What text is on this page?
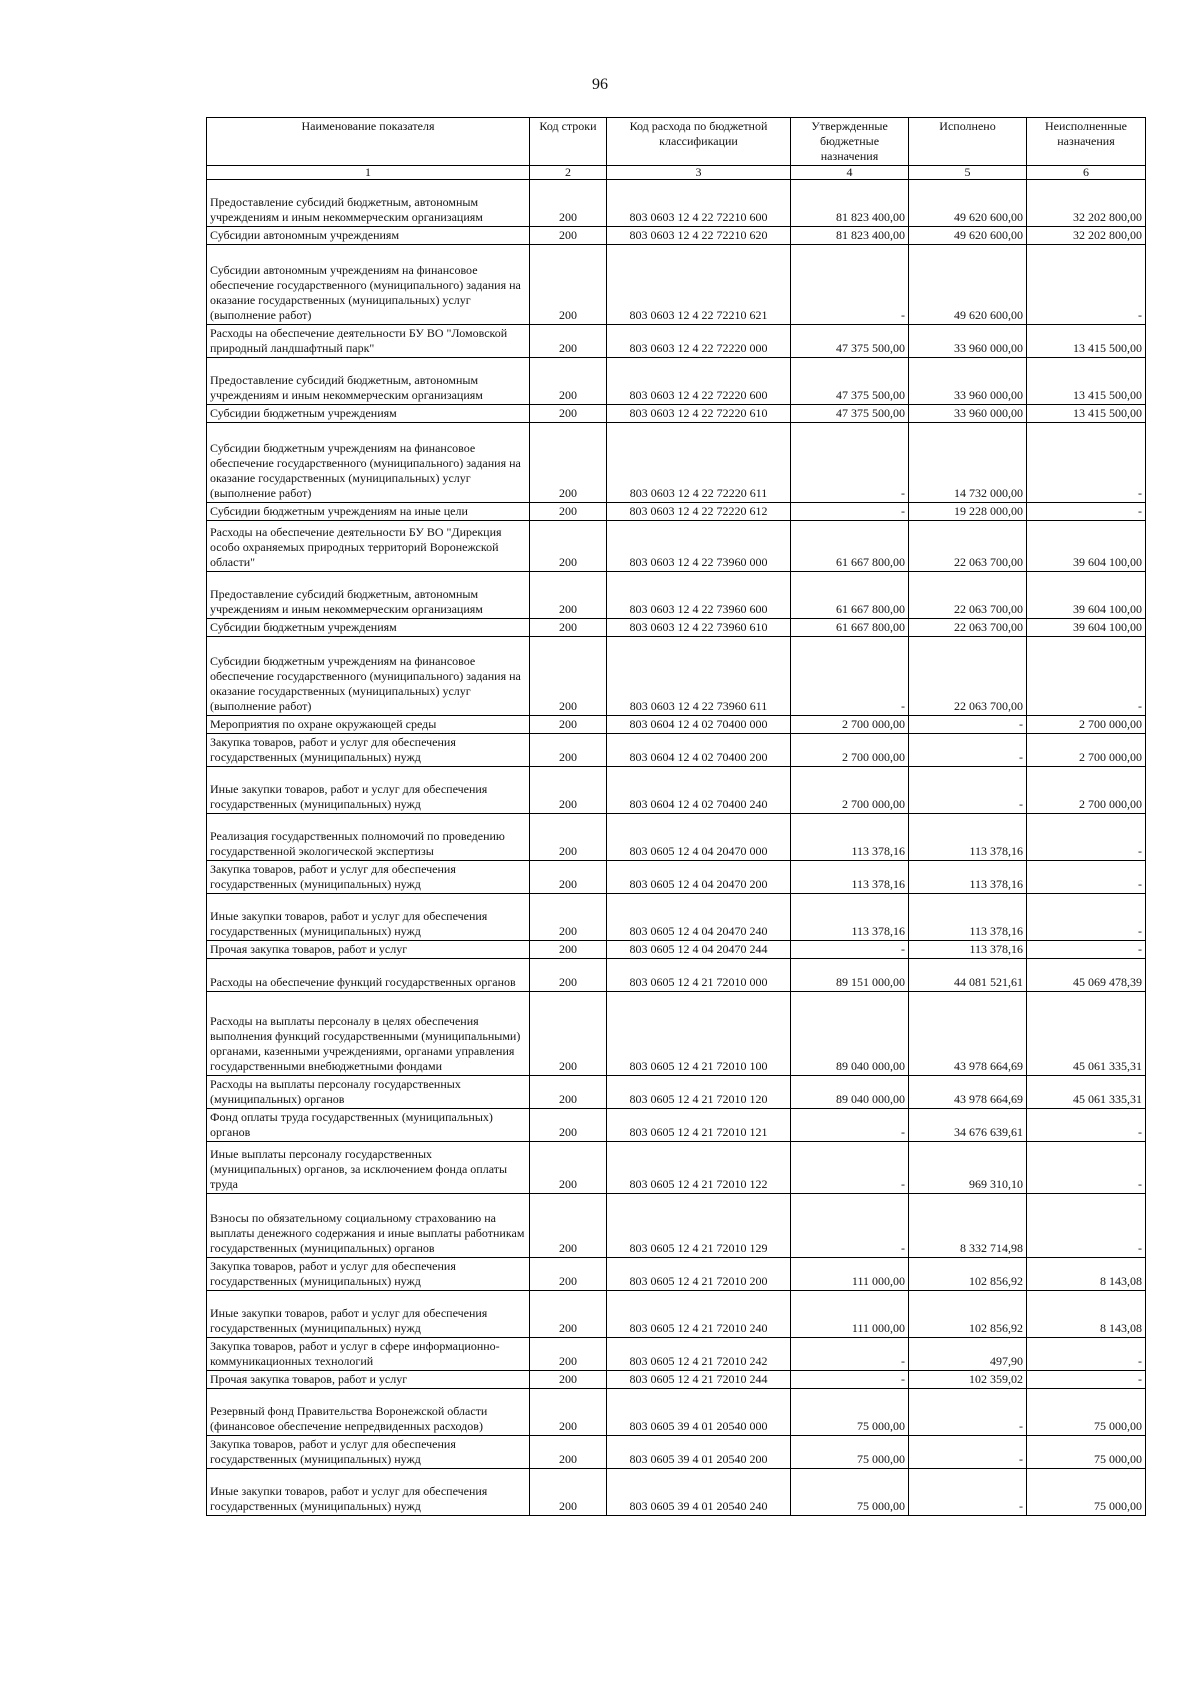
96
Наименование показателя	Код строки	Код расхода по бюджетной классификации	Утвержденные бюджетные назначения	Исполнено	Неисполненные назначения
1	2	3	4	5	6
Предоставление субсидий бюджетным, автономным учреждениям и иным некоммерческим организациям	200	803 0603 12 4 22 72210 600	81 823 400,00	49 620 600,00	32 202 800,00
Субсидии автономным учреждениям	200	803 0603 12 4 22 72210 620	81 823 400,00	49 620 600,00	32 202 800,00
Субсидии автономным учреждениям на финансовое обеспечение государственного (муниципального) задания на оказание государственных (муниципальных) услуг (выполнение работ)	200	803 0603 12 4 22 72210 621	-	49 620 600,00	-
Расходы на обеспечение деятельности БУ ВО "Ломовской природный ландшафтный парк"	200	803 0603 12 4 22 72220 000	47 375 500,00	33 960 000,00	13 415 500,00
Предоставление субсидий бюджетным, автономным учреждениям и иным некоммерческим организациям	200	803 0603 12 4 22 72220 600	47 375 500,00	33 960 000,00	13 415 500,00
Субсидии бюджетным учреждениям	200	803 0603 12 4 22 72220 610	47 375 500,00	33 960 000,00	13 415 500,00
Субсидии бюджетным учреждениям на финансовое обеспечение государственного (муниципального) задания на оказание государственных (муниципальных) услуг (выполнение работ)	200	803 0603 12 4 22 72220 611	-	14 732 000,00	-
Субсидии бюджетным учреждениям на иные цели	200	803 0603 12 4 22 72220 612	-	19 228 000,00	-
Расходы на обеспечение деятельности БУ ВО "Дирекция особо охраняемых природных территорий Воронежской области"	200	803 0603 12 4 22 73960 000	61 667 800,00	22 063 700,00	39 604 100,00
Предоставление субсидий бюджетным, автономным учреждениям и иным некоммерческим организациям	200	803 0603 12 4 22 73960 600	61 667 800,00	22 063 700,00	39 604 100,00
Субсидии бюджетным учреждениям	200	803 0603 12 4 22 73960 610	61 667 800,00	22 063 700,00	39 604 100,00
Субсидии бюджетным учреждениям на финансовое обеспечение государственного (муниципального) задания на оказание государственных (муниципальных) услуг (выполнение работ)	200	803 0603 12 4 22 73960 611	-	22 063 700,00	-
Мероприятия по охране окружающей среды	200	803 0604 12 4 02 70400 000	2 700 000,00	-	2 700 000,00
Закупка товаров, работ и услуг для обеспечения государственных (муниципальных) нужд	200	803 0604 12 4 02 70400 200	2 700 000,00	-	2 700 000,00
Иные закупки товаров, работ и услуг для обеспечения государственных (муниципальных) нужд	200	803 0604 12 4 02 70400 240	2 700 000,00	-	2 700 000,00
Реализация государственных полномочий по проведению государственной экологической экспертизы	200	803 0605 12 4 04 20470 000	113 378,16	113 378,16	-
Закупка товаров, работ и услуг для обеспечения государственных (муниципальных) нужд	200	803 0605 12 4 04 20470 200	113 378,16	113 378,16	-
Иные закупки товаров, работ и услуг для обеспечения государственных (муниципальных) нужд	200	803 0605 12 4 04 20470 240	113 378,16	113 378,16	-
Прочая закупка товаров, работ и услуг	200	803 0605 12 4 04 20470 244	-	113 378,16	-
Расходы на обеспечение функций государственных органов	200	803 0605 12 4 21 72010 000	89 151 000,00	44 081 521,61	45 069 478,39
Расходы на выплаты персоналу в целях обеспечения выполнения функций государственными (муниципальными) органами, казенными учреждениями, органами управления государственными внебюджетными фондами	200	803 0605 12 4 21 72010 100	89 040 000,00	43 978 664,69	45 061 335,31
Расходы на выплаты персоналу государственных (муниципальных) органов	200	803 0605 12 4 21 72010 120	89 040 000,00	43 978 664,69	45 061 335,31
Фонд оплаты труда государственных (муниципальных) органов	200	803 0605 12 4 21 72010 121	-	34 676 639,61	-
Иные выплаты персоналу государственных (муниципальных) органов, за исключением фонда оплаты труда	200	803 0605 12 4 21 72010 122	-	969 310,10	-
Взносы по обязательному социальному страхованию на выплаты денежного содержания и иные выплаты работникам государственных (муниципальных) органов	200	803 0605 12 4 21 72010 129	-	8 332 714,98	-
Закупка товаров, работ и услуг для обеспечения государственных (муниципальных) нужд	200	803 0605 12 4 21 72010 200	111 000,00	102 856,92	8 143,08
Иные закупки товаров, работ и услуг для обеспечения государственных (муниципальных) нужд	200	803 0605 12 4 21 72010 240	111 000,00	102 856,92	8 143,08
Закупка товаров, работ и услуг в сфере информационно-коммуникационных технологий	200	803 0605 12 4 21 72010 242	-	497,90	-
Прочая закупка товаров, работ и услуг	200	803 0605 12 4 21 72010 244	-	102 359,02	-
Резервный фонд Правительства Воронежской области (финансовое обеспечение непредвиденных расходов)	200	803 0605 39 4 01 20540 000	75 000,00	-	75 000,00
Закупка товаров, работ и услуг для обеспечения государственных (муниципальных) нужд	200	803 0605 39 4 01 20540 200	75 000,00	-	75 000,00
Иные закупки товаров, работ и услуг для обеспечения государственных (муниципальных) нужд	200	803 0605 39 4 01 20540 240	75 000,00	-	75 000,00
